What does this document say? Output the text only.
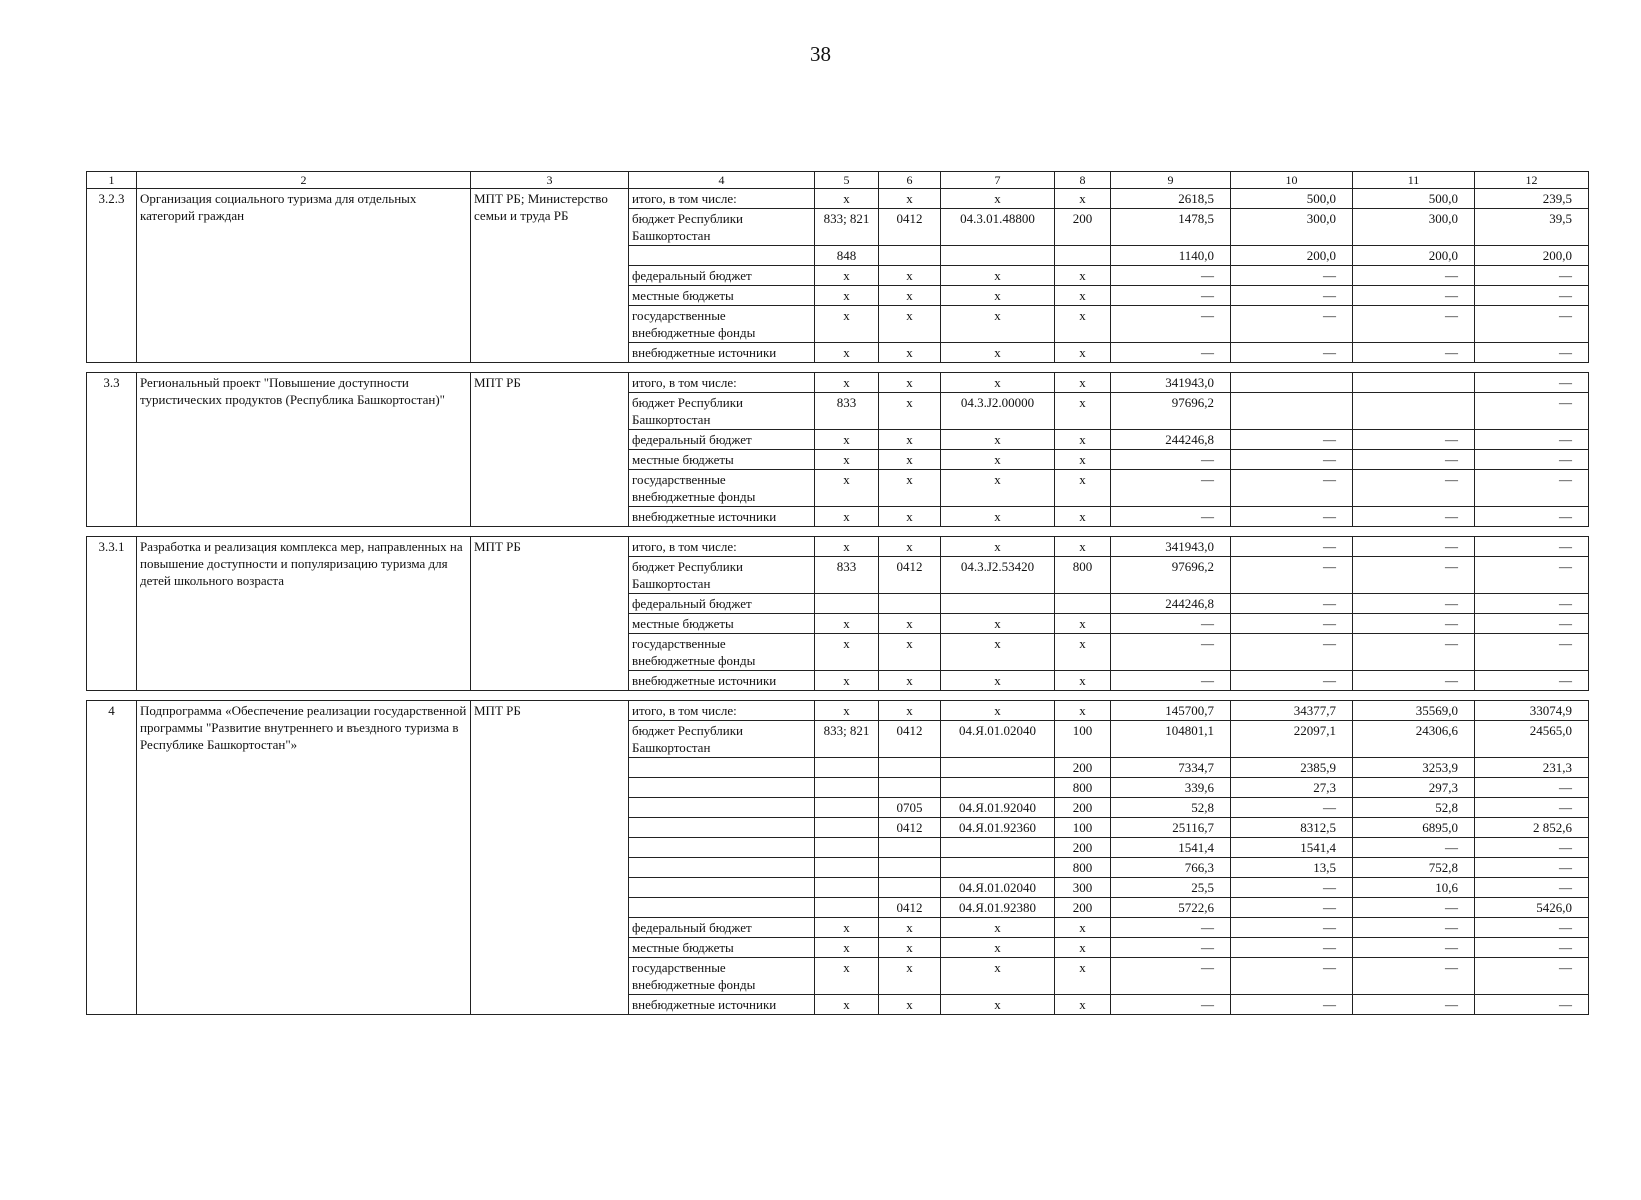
38
1	2	3	4	5	6	7	8	9	10	11	12
3.2.3	Организация социального туризма для отдельных категорий граждан	МПТ РБ; Министерство семьи и труда РБ	итого, в том числе:	х	х	х	х	2618,5	500,0	500,0	239,5
			бюджет Республики Башкортостан	833; 821	0412	04.3.01.48800	200	1478,5	300,0	300,0	39,5
				848				1140,0	200,0	200,0	200,0
			федеральный бюджет	х	х	х	х	—	—	—	—
			местные бюджеты	х	х	х	х	—	—	—	—
			государственные внебюджетные фонды	х	х	х	х	—	—	—	—
			внебюджетные источники	х	х	х	х	—	—	—	—

3.3	Региональный проект "Повышение доступности туристических продуктов (Республика Башкортостан)"	МПТ РБ	итого, в том числе:	х	х	х	х	341943,0			—
			бюджет Республики Башкортостан	833	х	04.3.J2.00000	х	97696,2			—
			федеральный бюджет	х	х	х	х	244246,8	—	—	—
			местные бюджеты	х	х	х	х	—	—	—	—
			государственные внебюджетные фонды	х	х	х	х	—	—	—	—
			внебюджетные источники	х	х	х	х	—	—	—	—

3.3.1	Разработка и реализация комплекса мер, направленных на повышение доступности и популяризацию туризма для детей школьного возраста	МПТ РБ	итого, в том числе:	х	х	х	х	341943,0	—	—	—
			бюджет Республики Башкортостан	833	0412	04.3.J2.53420	800	97696,2	—	—	—
			федеральный бюджет					244246,8	—	—	—
			местные бюджеты	х	х	х	х	—	—	—	—
			государственные внебюджетные фонды	х	х	х	х	—	—	—	—
			внебюджетные источники	х	х	х	х	—	—	—	—

4	Подпрограмма «Обеспечение реализации государственной программы "Развитие внутреннего и въездного туризма в Республике Башкортостан"»	МПТ РБ	итого, в том числе:	х	х	х	х	145700,7	34377,7	35569,0	33074,9
			бюджет Республики Башкортостан	833; 821	0412	04.Я.01.02040	100	104801,1	22097,1	24306,6	24565,0
							200	7334,7	2385,9	3253,9	231,3
							800	339,6	27,3	297,3	—
					0705	04.Я.01.92040	200	52,8	—	52,8	—
					0412	04.Я.01.92360	100	25116,7	8312,5	6895,0	2 852,6
							200	1541,4	1541,4	—	—
							800	766,3	13,5	752,8	—
						04.Я.01.02040	300	25,5	—	10,6	—
					0412	04.Я.01.92380	200	5722,6	—	—	5426,0
			федеральный бюджет	х	х	х	х	—	—	—	—
			местные бюджеты	х	х	х	х	—	—	—	—
			государственные внебюджетные фонды	х	х	х	х	—	—	—	—
			внебюджетные источники	х	х	х	х	—	—	—	—
